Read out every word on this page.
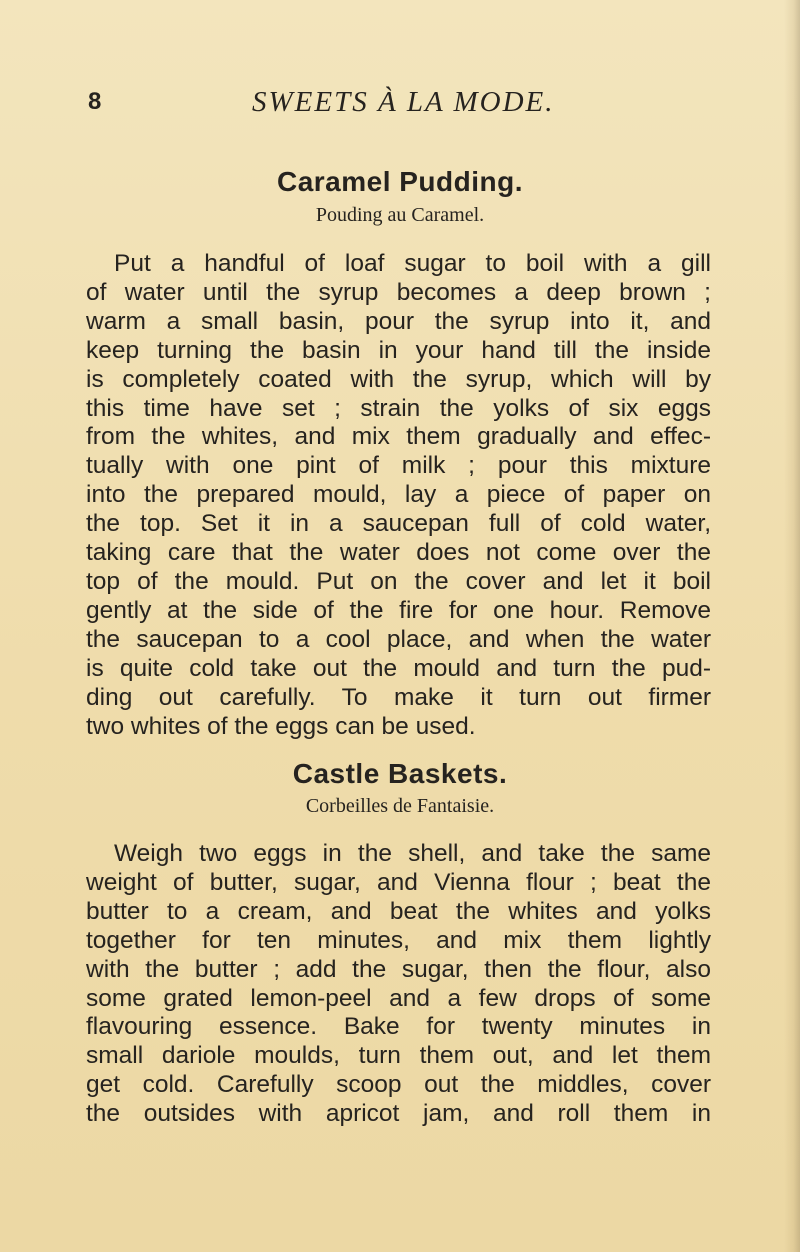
8	SWEETS À LA MODE.
Caramel Pudding.
Pouding au Caramel.
Put a handful of loaf sugar to boil with a gill
of water until the syrup becomes a deep brown ;
warm a small basin, pour the syrup into it, and
keep turning the basin in your hand till the inside
is completely coated with the syrup, which will by
this time have set ; strain the yolks of six eggs
from the whites, and mix them gradually and effec-
tually with one pint of milk ; pour this mixture
into the prepared mould, lay a piece of paper on
the top. Set it in a saucepan full of cold water,
taking care that the water does not come over the
top of the mould. Put on the cover and let it boil
gently at the side of the fire for one hour. Remove
the saucepan to a cool place, and when the water
is quite cold take out the mould and turn the pud-
ding out carefully. To make it turn out firmer
two whites of the eggs can be used.
Castle Baskets.
Corbeilles de Fantaisie.
Weigh two eggs in the shell, and take the same
weight of butter, sugar, and Vienna flour ; beat the
butter to a cream, and beat the whites and yolks
together for ten minutes, and mix them lightly
with the butter ; add the sugar, then the flour, also
some grated lemon-peel and a few drops of some
flavouring essence. Bake for twenty minutes in
small dariole moulds, turn them out, and let them
get cold. Carefully scoop out the middles, cover
the outsides with apricot jam, and roll them in
